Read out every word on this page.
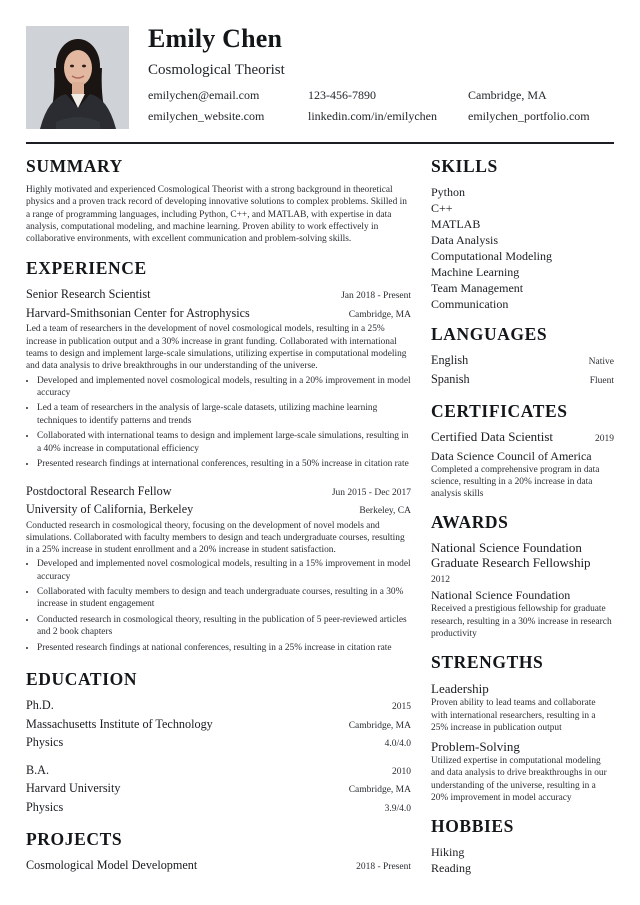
Emily Chen
Cosmological Theorist
emilychen@email.com	123-456-7890	Cambridge, MA
emilychen_website.com	linkedin.com/in/emilychen	emilychen_portfolio.com
SUMMARY

Highly motivated and experienced Cosmological Theorist with a strong background in theoretical physics and a proven track record of developing innovative solutions to complex problems. Skilled in a range of programming languages, including Python, C++, and MATLAB, with expertise in data analysis, computational modeling, and machine learning. Proven ability to work effectively in collaborative environments, with excellent communication and problem-solving skills.

EXPERIENCE
Senior Research Scientist	Jan 2018 - Present
Harvard-Smithsonian Center for Astrophysics	Cambridge, MA

Led a team of researchers in the development of novel cosmological models, resulting in a 25% increase in publication output and a 30% increase in grant funding. Collaborated with international teams to design and implement large-scale simulations, utilizing expertise in computational modeling and data analysis to drive breakthroughs in our understanding of the universe.

• Developed and implemented novel cosmological models, resulting in a 20% improvement in model accuracy
• Led a team of researchers in the analysis of large-scale datasets, utilizing machine learning techniques to identify patterns and trends
• Collaborated with international teams to design and implement large-scale simulations, resulting in a 40% increase in computational efficiency
• Presented research findings at international conferences, resulting in a 50% increase in citation rate
Postdoctoral Research Fellow	Jun 2015 - Dec 2017
University of California, Berkeley	Berkeley, CA

Conducted research in cosmological theory, focusing on the development of novel models and simulations. Collaborated with faculty members to design and teach undergraduate courses, resulting in a 25% increase in student enrollment and a 20% increase in student satisfaction.

• Developed and implemented novel cosmological models, resulting in a 15% improvement in model accuracy
• Collaborated with faculty members to design and teach undergraduate courses, resulting in a 30% increase in student engagement
• Conducted research in cosmological theory, resulting in the publication of 5 peer-reviewed articles and 2 book chapters
• Presented research findings at national conferences, resulting in a 25% increase in citation rate
EDUCATION
Ph.D.	2015
Massachusetts Institute of Technology	Cambridge, MA
Physics	4.0/4.0
B.A.	2010
Harvard University	Cambridge, MA
Physics	3.9/4.0
PROJECTS
Cosmological Model Development	2018 - Present
SKILLS
Python
C++
MATLAB
Data Analysis
Computational Modeling
Machine Learning
Team Management
Communication
LANGUAGES
English	Native
Spanish	Fluent
CERTIFICATES
Certified Data Scientist	2019
Data Science Council of America

Completed a comprehensive program in data science, resulting in a 20% increase in data analysis skills

AWARDS
National Science Foundation Graduate Research Fellowship
2012
National Science Foundation

Received a prestigious fellowship for graduate research, resulting in a 30% increase in research productivity

STRENGTHS
Leadership

Proven ability to lead teams and collaborate with international researchers, resulting in a 25% increase in publication output

Problem-Solving

Utilized expertise in computational modeling and data analysis to drive breakthroughs in our understanding of the universe, resulting in a 20% improvement in model accuracy

HOBBIES
Hiking
Reading
